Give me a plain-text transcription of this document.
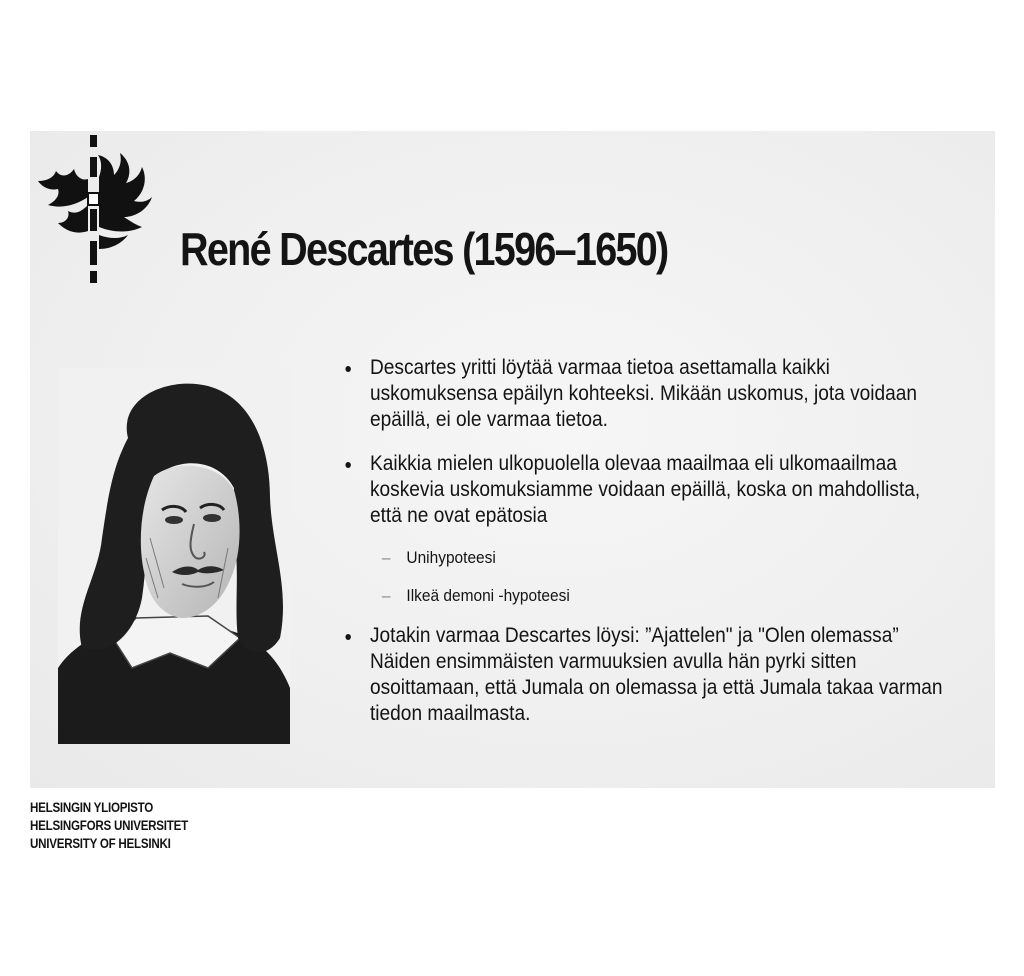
René Descartes (1596–1650)
Descartes yritti löytää varmaa tietoa asettamalla kaikki uskomuksensa epäilyn kohteeksi. Mikään uskomus, jota voidaan epäillä, ei ole varmaa tietoa.
Kaikkia mielen ulkopuolella olevaa maailmaa eli ulkomaailmaa koskevia uskomuksiamme voidaan epäillä, koska on mahdollista, että ne ovat epätosia
– Unihypoteesi
– Ilkeä demoni -hypoteesi
Jotakin varmaa Descartes löysi: ”Ajattelen" ja "Olen olemassa” Näiden ensimmäisten varmuuksien avulla hän pyrki sitten osoittamaan, että Jumala on olemassa ja että Jumala takaa varman tiedon maailmasta.
HELSINGIN YLIOPISTO
HELSINGFORS UNIVERSITET
UNIVERSITY OF HELSINKI
